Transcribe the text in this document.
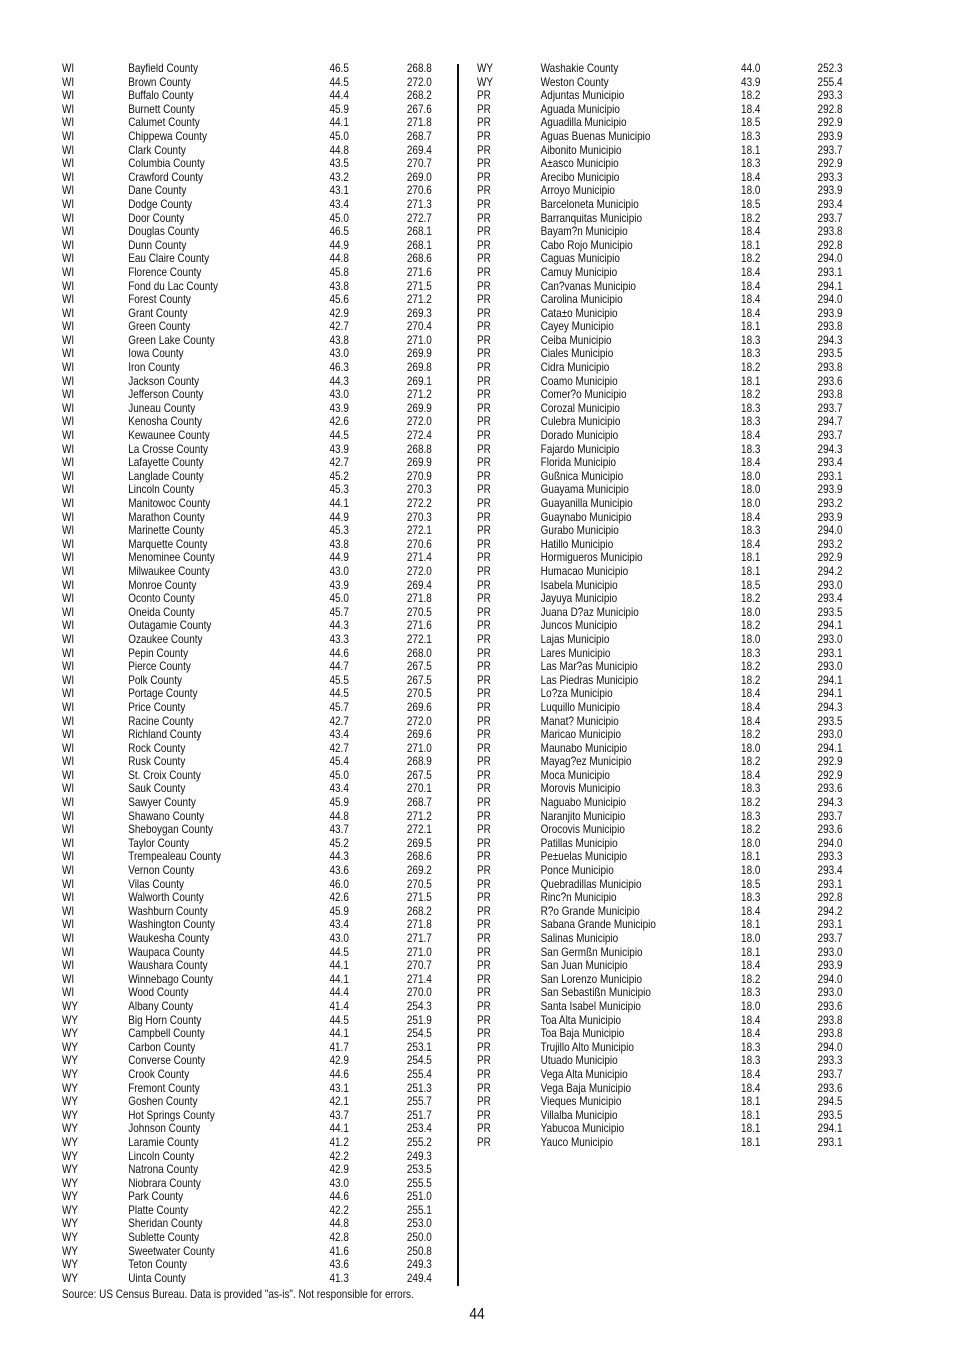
WI	Bayfield County	46.5	268.8
WI	Brown County	44.5	272.0
WI	Buffalo County	44.4	268.2
WI	Burnett County	45.9	267.6
WI	Calumet County	44.1	271.8
WI	Chippewa County	45.0	268.7
WI	Clark County	44.8	269.4
WI	Columbia County	43.5	270.7
WI	Crawford County	43.2	269.0
WI	Dane County	43.1	270.6
WI	Dodge County	43.4	271.3
WI	Door County	45.0	272.7
WI	Douglas County	46.5	268.1
WI	Dunn County	44.9	268.1
WI	Eau Claire County	44.8	268.6
WI	Florence County	45.8	271.6
WI	Fond du Lac County	43.8	271.5
WI	Forest County	45.6	271.2
WI	Grant County	42.9	269.3
WI	Green County	42.7	270.4
WI	Green Lake County	43.8	271.0
WI	Iowa County	43.0	269.9
WI	Iron County	46.3	269.8
WI	Jackson County	44.3	269.1
WI	Jefferson County	43.0	271.2
WI	Juneau County	43.9	269.9
WI	Kenosha County	42.6	272.0
WI	Kewaunee County	44.5	272.4
WI	La Crosse County	43.9	268.8
WI	Lafayette County	42.7	269.9
WI	Langlade County	45.2	270.9
WI	Lincoln County	45.3	270.3
WI	Manitowoc County	44.1	272.2
WI	Marathon County	44.9	270.3
WI	Marinette County	45.3	272.1
WI	Marquette County	43.8	270.6
WI	Menominee County	44.9	271.4
WI	Milwaukee County	43.0	272.0
WI	Monroe County	43.9	269.4
WI	Oconto County	45.0	271.8
WI	Oneida County	45.7	270.5
WI	Outagamie County	44.3	271.6
WI	Ozaukee County	43.3	272.1
WI	Pepin County	44.6	268.0
WI	Pierce County	44.7	267.5
WI	Polk County	45.5	267.5
WI	Portage County	44.5	270.5
WI	Price County	45.7	269.6
WI	Racine County	42.7	272.0
WI	Richland County	43.4	269.6
WI	Rock County	42.7	271.0
WI	Rusk County	45.4	268.9
WI	St. Croix County	45.0	267.5
WI	Sauk County	43.4	270.1
WI	Sawyer County	45.9	268.7
WI	Shawano County	44.8	271.2
WI	Sheboygan County	43.7	272.1
WI	Taylor County	45.2	269.5
WI	Trempealeau County	44.3	268.6
WI	Vernon County	43.6	269.2
WI	Vilas County	46.0	270.5
WI	Walworth County	42.6	271.5
WI	Washburn County	45.9	268.2
WI	Washington County	43.4	271.8
WI	Waukesha County	43.0	271.7
WI	Waupaca County	44.5	271.0
WI	Waushara County	44.1	270.7
WI	Winnebago County	44.1	271.4
WI	Wood County	44.4	270.0
WY	Albany County	41.4	254.3
WY	Big Horn County	44.5	251.9
WY	Campbell County	44.1	254.5
WY	Carbon County	41.7	253.1
WY	Converse County	42.9	254.5
WY	Crook County	44.6	255.4
WY	Fremont County	43.1	251.3
WY	Goshen County	42.1	255.7
WY	Hot Springs County	43.7	251.7
WY	Johnson County	44.1	253.4
WY	Laramie County	41.2	255.2
WY	Lincoln County	42.2	249.3
WY	Natrona County	42.9	253.5
WY	Niobrara County	43.0	255.5
WY	Park County	44.6	251.0
WY	Platte County	42.2	255.1
WY	Sheridan County	44.8	253.0
WY	Sublette County	42.8	250.0
WY	Sweetwater County	41.6	250.8
WY	Teton County	43.6	249.3
WY	Uinta County	41.3	249.4
WY	Washakie County	44.0	252.3
WY	Weston County	43.9	255.4
PR	Adjuntas Municipio	18.2	293.3
PR	Aguada Municipio	18.4	292.8
PR	Aguadilla Municipio	18.5	292.9
PR	Aguas Buenas Municipio	18.3	293.9
PR	Aibonito Municipio	18.1	293.7
PR	A±asco Municipio	18.3	292.9
PR	Arecibo Municipio	18.4	293.3
PR	Arroyo Municipio	18.0	293.9
PR	Barceloneta Municipio	18.5	293.4
PR	Barranquitas Municipio	18.2	293.7
PR	Bayam?n Municipio	18.4	293.8
PR	Cabo Rojo Municipio	18.1	292.8
PR	Caguas Municipio	18.2	294.0
PR	Camuy Municipio	18.4	293.1
PR	Can?vanas Municipio	18.4	294.1
PR	Carolina Municipio	18.4	294.0
PR	Cata±o Municipio	18.4	293.9
PR	Cayey Municipio	18.1	293.8
PR	Ceiba Municipio	18.3	294.3
PR	Ciales Municipio	18.3	293.5
PR	Cidra Municipio	18.2	293.8
PR	Coamo Municipio	18.1	293.6
PR	Comer?o Municipio	18.2	293.8
PR	Corozal Municipio	18.3	293.7
PR	Culebra Municipio	18.3	294.7
PR	Dorado Municipio	18.4	293.7
PR	Fajardo Municipio	18.3	294.3
PR	Florida Municipio	18.4	293.4
PR	Gußnica Municipio	18.0	293.1
PR	Guayama Municipio	18.0	293.9
PR	Guayanilla Municipio	18.0	293.2
PR	Guaynabo Municipio	18.4	293.9
PR	Gurabo Municipio	18.3	294.0
PR	Hatillo Municipio	18.4	293.2
PR	Hormigueros Municipio	18.1	292.9
PR	Humacao Municipio	18.1	294.2
PR	Isabela Municipio	18.5	293.0
PR	Jayuya Municipio	18.2	293.4
PR	Juana D?az Municipio	18.0	293.5
PR	Juncos Municipio	18.2	294.1
PR	Lajas Municipio	18.0	293.0
PR	Lares Municipio	18.3	293.1
PR	Las Mar?as Municipio	18.2	293.0
PR	Las Piedras Municipio	18.2	294.1
PR	Lo?za Municipio	18.4	294.1
PR	Luquillo Municipio	18.4	294.3
PR	Manat? Municipio	18.4	293.5
PR	Maricao Municipio	18.2	293.0
PR	Maunabo Municipio	18.0	294.1
PR	Mayag?ez Municipio	18.2	292.9
PR	Moca Municipio	18.4	292.9
PR	Morovis Municipio	18.3	293.6
PR	Naguabo Municipio	18.2	294.3
PR	Naranjito Municipio	18.3	293.7
PR	Orocovis Municipio	18.2	293.6
PR	Patillas Municipio	18.0	294.0
PR	Pe±uelas Municipio	18.1	293.3
PR	Ponce Municipio	18.0	293.4
PR	Quebradillas Municipio	18.5	293.1
PR	Rinc?n Municipio	18.3	292.8
PR	R?o Grande Municipio	18.4	294.2
PR	Sabana Grande Municipio	18.1	293.1
PR	Salinas Municipio	18.0	293.7
PR	San Germßn Municipio	18.1	293.0
PR	San Juan Municipio	18.4	293.9
PR	San Lorenzo Municipio	18.2	294.0
PR	San Sebastißn Municipio	18.3	293.0
PR	Santa Isabel Municipio	18.0	293.6
PR	Toa Alta Municipio	18.4	293.8
PR	Toa Baja Municipio	18.4	293.8
PR	Trujillo Alto Municipio	18.3	294.0
PR	Utuado Municipio	18.3	293.3
PR	Vega Alta Municipio	18.4	293.7
PR	Vega Baja Municipio	18.4	293.6
PR	Vieques Municipio	18.1	294.5
PR	Villalba Municipio	18.1	293.5
PR	Yabucoa Municipio	18.1	294.1
PR	Yauco Municipio	18.1	293.1
Source: US Census Bureau. Data is provided "as-is". Not responsible for errors.
44
